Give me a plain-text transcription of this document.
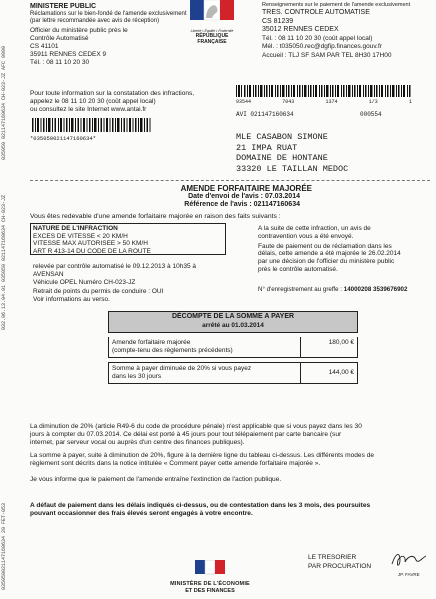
035050 021147160634 CH-023-JZ AFC 9999
032.06.13.04.01 035050 021147160634 CH-023-JZ
035050021147160634 20 FET-053
MINISTERE PUBLIC
Réclamations sur le bien-fondé de l'amende exclusivement
(par lettre recommandée avec avis de réception)
Officier du ministère public près le
Contrôle Automatisé
CS 41101
35911 RENNES CEDEX 9
Tél. : 08 11 10 20 30
Liberté • Égalité • Fraternité
RÉPUBLIQUE FRANÇAISE
Renseignements sur le paiement de l'amende exclusivement
TRES. CONTROLE AUTOMATISE
CS 81239
35012 RENNES CEDEX
Tél. : 08 11 10 20 30 (coût appel local)
Mél. : t035050.rec@dgfip.finances.gouv.fr
Accueil : TLJ SF SAM PAR TEL 8H30 17H00
Pour toute information sur la constatation des infractions,
appelez le 08 11 10 20 30 (coût appel local)
ou consultez le site Internet www.antai.fr
*035050021147160634*
93544	7043	1374	1/3	1
AVI 021147160634	000554
MLE CASABON SIMONE
21 IMPA RUAT
DOMAINE DE HONTANE
33320 LE TAILLAN MEDOC
AMENDE FORFAITAIRE MAJORÉE
Date d'envoi de l'avis : 07.03.2014
Référence de l'avis : 021147160634
Vous êtes redevable d'une amende forfaitaire majorée en raison des faits suivants :
NATURE DE L'INFRACTION
EXCES DE VITESSE < 20 KM/H
VITESSE MAX AUTORISEE > 50 KM/H
ART R 413-14 DU CODE DE LA ROUTE
relevée par contrôle automatisé le 09.12.2013 à 10h35 à
AVENSAN
Véhicule OPEL Numéro CH-023-JZ
Retrait de points du permis de conduire : OUI
Voir informations au verso.
A la suite de cette infraction, un avis de
contravention vous a été envoyé.
Faute de paiement ou de réclamation dans les
délais, cette amende a été majorée le 26.02.2014
par une décision de l'officier du ministère public
près le contrôle automatisé.
N° d'enregistrement au greffe : 14000208 3539676902
DÉCOMPTE DE LA SOMME A PAYER
arrêté au 01.03.2014
Amende forfaitaire majorée
(compte-tenu des règlements précédents)
180,00 €
Somme à payer diminuée de 20% si vous payez
dans les 30 jours
144,00 €
La diminution de 20% (article R49-6 du code de procédure pénale) n'est applicable que si vous payez dans les 30
jours à compter du 07.03.2014. Ce délai est porté à 45 jours pour tout télépaiement par carte bancaire (sur
internet, par serveur vocal ou auprès d'un centre des finances publiques).
La somme à payer, suite à diminution de 20%, figure à la dernière ligne du tableau ci-dessus. Les différents modes de
règlement sont décrits dans la notice intitulée « Comment payer cette amende forfaitaire majorée ».
Je vous informe que le paiement de l'amende entraîne l'extinction de l'action publique.
A défaut de paiement dans les délais indiqués ci-dessus, ou de contestation dans les 3 mois, des poursuites
pouvant occasionner des frais élevés seront engagés à votre encontre.
LE TRESORIER
PAR PROCURATION
JP. FAVRE
MINISTÈRE DE L'ÉCONOMIE
ET DES FINANCES
